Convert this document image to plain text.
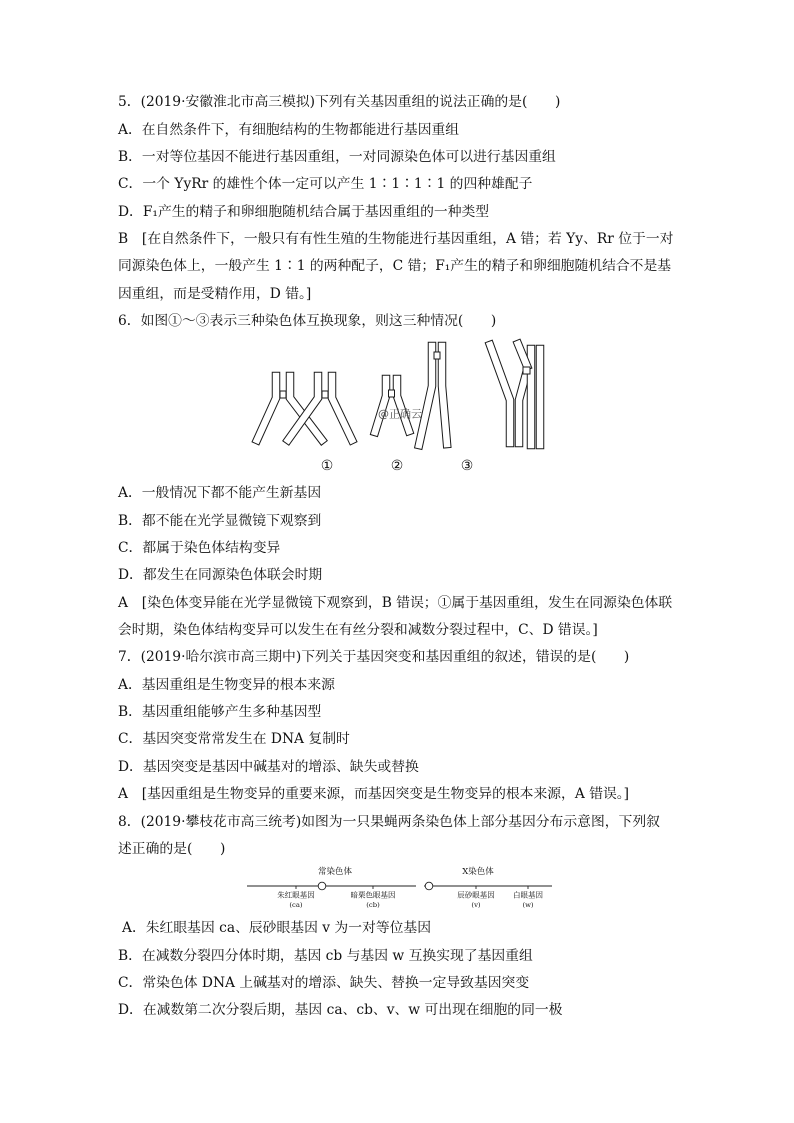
5．(2019·安徽淮北市高三模拟)下列有关基因重组的说法正确的是(　　)
A．在自然条件下，有细胞结构的生物都能进行基因重组
B．一对等位基因不能进行基因重组，一对同源染色体可以进行基因重组
C．一个 YyRr 的雄性个体一定可以产生 1∶1∶1∶1 的四种雄配子
D．F₁产生的精子和卵细胞随机结合属于基因重组的一种类型
B　[在自然条件下，一般只有有性生殖的生物能进行基因重组，A 错；若 Yy、Rr 位于一对
同源染色体上，一般产生 1∶1 的两种配子，C 错；F₁产生的精子和卵细胞随机结合不是基
因重组，而是受精作用，D 错。]
6．如图①～③表示三种染色体互换现象，则这三种情况(　　)
@正确云
①	②	③
A．一般情况下都不能产生新基因
B．都不能在光学显微镜下观察到
C．都属于染色体结构变异
D．都发生在同源染色体联会时期
A　[染色体变异能在光学显微镜下观察到，B 错误；①属于基因重组，发生在同源染色体联
会时期，染色体结构变异可以发生在有丝分裂和减数分裂过程中，C、D 错误。]
7．(2019·哈尔滨市高三期中)下列关于基因突变和基因重组的叙述，错误的是(　　)
A．基因重组是生物变异的根本来源
B．基因重组能够产生多种基因型
C．基因突变常常发生在 DNA 复制时
D．基因突变是基因中碱基对的增添、缺失或替换
A　[基因重组是生物变异的重要来源，而基因突变是生物变异的根本来源，A 错误。]
8．(2019·攀枝花市高三统考)如图为一只果蝇两条染色体上部分基因分布示意图，下列叙
述正确的是(　　)
常染色体	X染色体
朱红眼基因
(ca)
暗栗色眼基因
(cb)
辰砂眼基因
(v)
白眼基因
(w)
A．朱红眼基因 ca、辰砂眼基因 v 为一对等位基因
B．在减数分裂四分体时期，基因 cb 与基因 w 互换实现了基因重组
C．常染色体 DNA 上碱基对的增添、缺失、替换一定导致基因突变
D．在减数第二次分裂后期，基因 ca、cb、v、w 可出现在细胞的同一极
